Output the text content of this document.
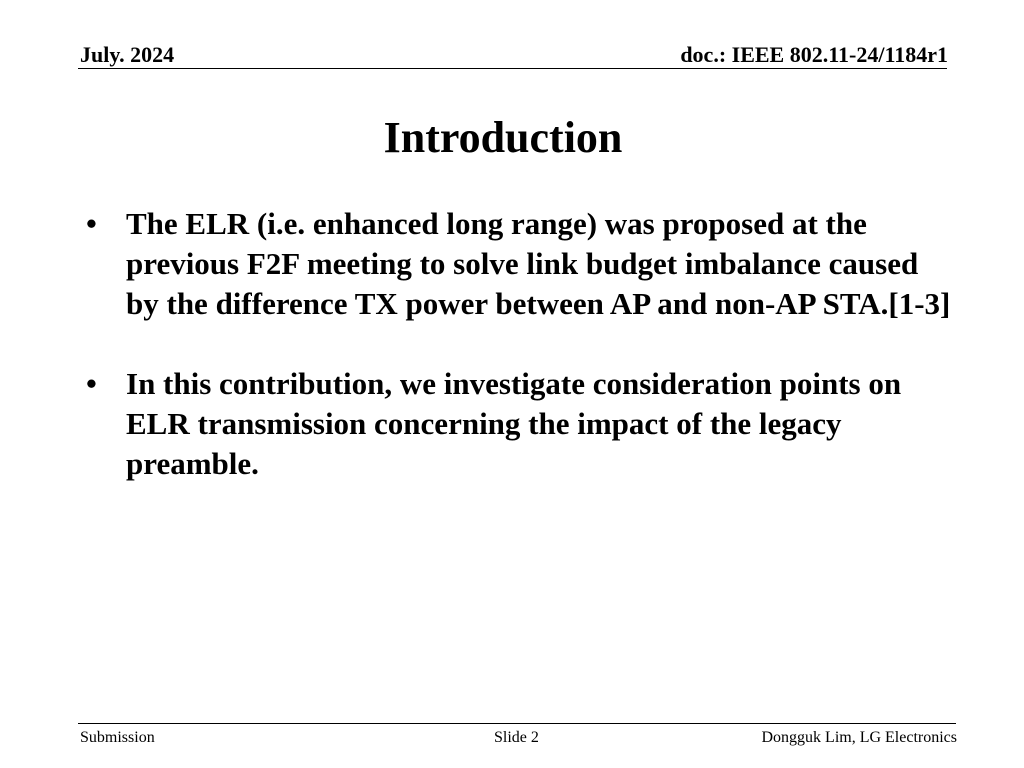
July. 2024	doc.: IEEE 802.11-24/1184r1
Introduction
• The ELR (i.e. enhanced long range) was proposed at the previous F2F meeting to solve link budget imbalance caused by the difference TX power between AP and non-AP STA.[1-3]
• In this contribution, we investigate consideration points on ELR transmission concerning the impact of the legacy preamble.
Submission	Slide 2	Dongguk Lim, LG Electronics
